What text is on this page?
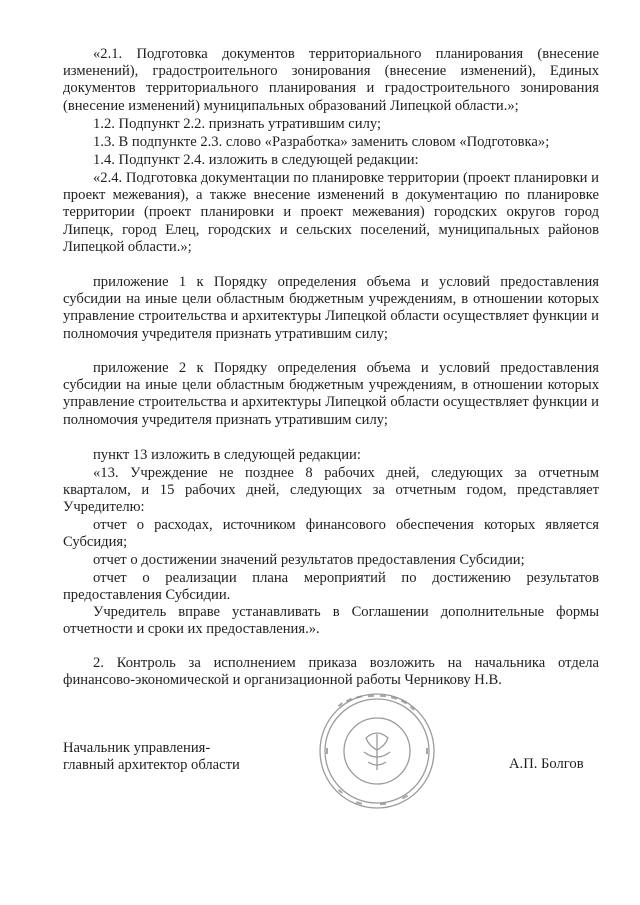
«2.1. Подготовка документов территориального планирования (внесение изменений), градостроительного зонирования (внесение изменений), Единых документов территориального планирования и градостроительного зонирования (внесение изменений) муниципальных образований Липецкой области.»;

1.2. Подпункт 2.2. признать утратившим силу;

1.3. В подпункте 2.3. слово «Разработка» заменить словом «Подготовка»;

1.4. Подпункт 2.4. изложить в следующей редакции:

«2.4. Подготовка документации по планировке территории (проект планировки и проект межевания), а также внесение изменений в документацию по планировке территории (проект планировки и проект межевания) городских округов город Липецк, город Елец, городских и сельских поселений, муниципальных районов Липецкой области.»;

приложение 1 к Порядку определения объема и условий предоставления субсидии на иные цели областным бюджетным учреждениям, в отношении которых управление строительства и архитектуры Липецкой области осуществляет функции и полномочия учредителя признать утратившим силу;

приложение 2 к Порядку определения объема и условий предоставления субсидии на иные цели областным бюджетным учреждениям, в отношении которых управление строительства и архитектуры Липецкой области осуществляет функции и полномочия учредителя признать утратившим силу;

пункт 13 изложить в следующей редакции:

«13. Учреждение не позднее 8 рабочих дней, следующих за отчетным кварталом, и 15 рабочих дней, следующих за отчетным годом, представляет Учредителю:

отчет о расходах, источником финансового обеспечения которых является Субсидия;

отчет о достижении значений результатов предоставления Субсидии;

отчет о реализации плана мероприятий по достижению результатов предоставления Субсидии.

Учредитель вправе устанавливать в Соглашении дополнительные формы отчетности и сроки их предоставления.».

2. Контроль за исполнением приказа возложить на начальника отдела финансово-экономической и организационной работы Черникову Н.В.

Начальник управления-
главный архитектор области	А.П. Болгов
